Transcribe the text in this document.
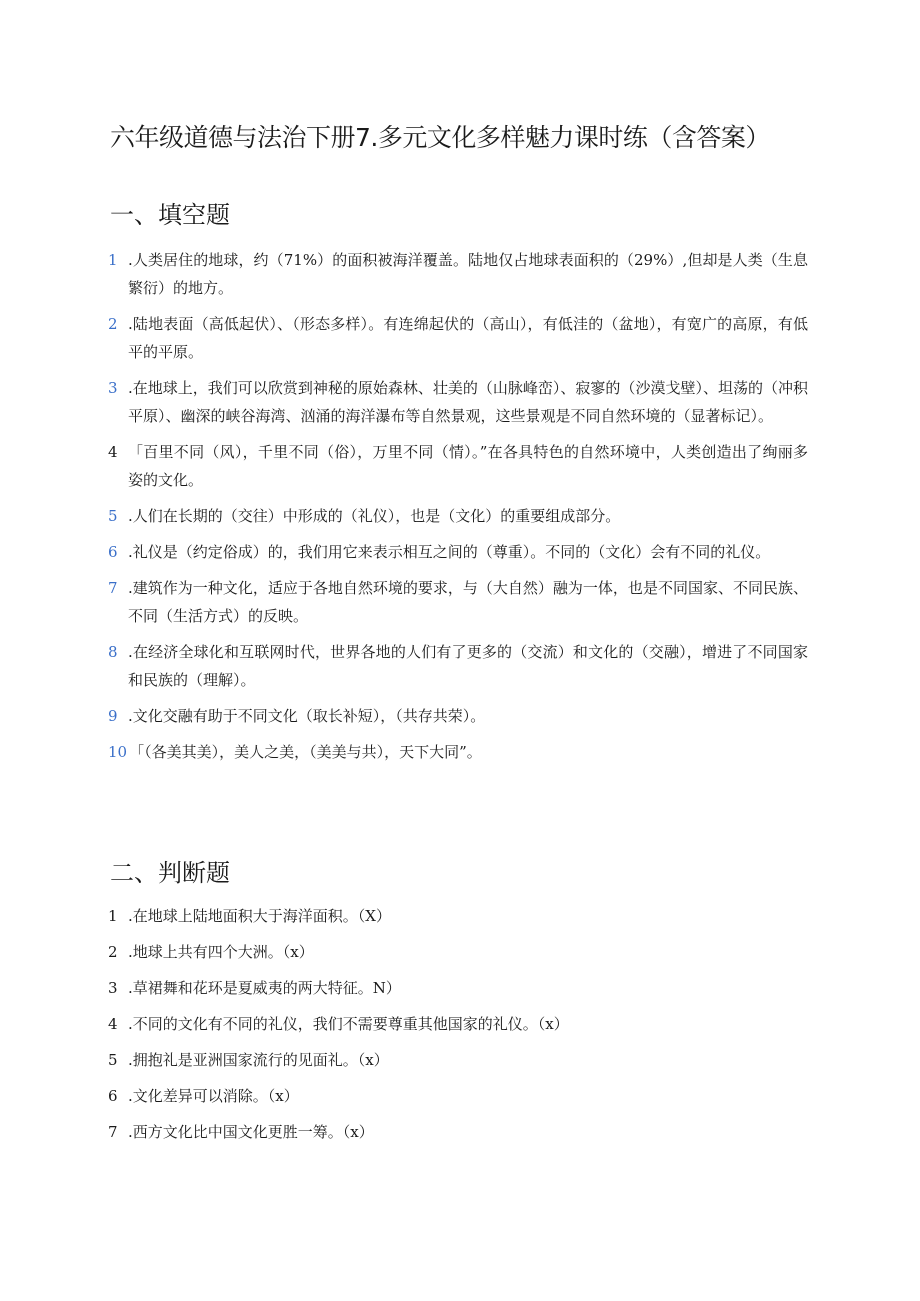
六年级道德与法治下册7.多元文化多样魅力课时练（含答案）
一、填空题
1 .人类居住的地球，约（71%）的面积被海洋覆盖。陆地仅占地球表面积的（29%）,但却是人类（生息繁衍）的地方。
2 .陆地表面（高低起伏）、（形态多样）。有连绵起伏的（高山），有低洼的（盆地），有宽广的高原，有低平的平原。
3 .在地球上，我们可以欣赏到神秘的原始森林、壮美的（山脉峰峦）、寂寥的（沙漠戈壁）、坦荡的（冲积平原）、幽深的峡谷海湾、汹涌的海洋瀑布等自然景观，这些景观是不同自然环境的（显著标记）。
4 「百里不同（风），千里不同（俗），万里不同（情）。”在各具特色的自然环境中，人类创造出了绚丽多姿的文化。
5 .人们在长期的（交往）中形成的（礼仪），也是（文化）的重要组成部分。
6 .礼仪是（约定俗成）的，我们用它来表示相互之间的（尊重）。不同的（文化）会有不同的礼仪。
7 .建筑作为一种文化，适应于各地自然环境的要求，与（大自然）融为一体，也是不同国家、不同民族、不同（生活方式）的反映。
8 .在经济全球化和互联网时代，世界各地的人们有了更多的（交流）和文化的（交融），增进了不同国家和民族的（理解）。
9 .文化交融有助于不同文化（取长补短），（共存共荣）。
10 「（各美其美），美人之美，（美美与共），天下大同”。
二、判断题
1 .在地球上陆地面积大于海洋面积。（X）
2 .地球上共有四个大洲。（x）
3 .草裙舞和花环是夏威夷的两大特征。N）
4 .不同的文化有不同的礼仪，我们不需要尊重其他国家的礼仪。（x）
5 .拥抱礼是亚洲国家流行的见面礼。（x）
6 .文化差异可以消除。（x）
7 .西方文化比中国文化更胜一筹。（x）
